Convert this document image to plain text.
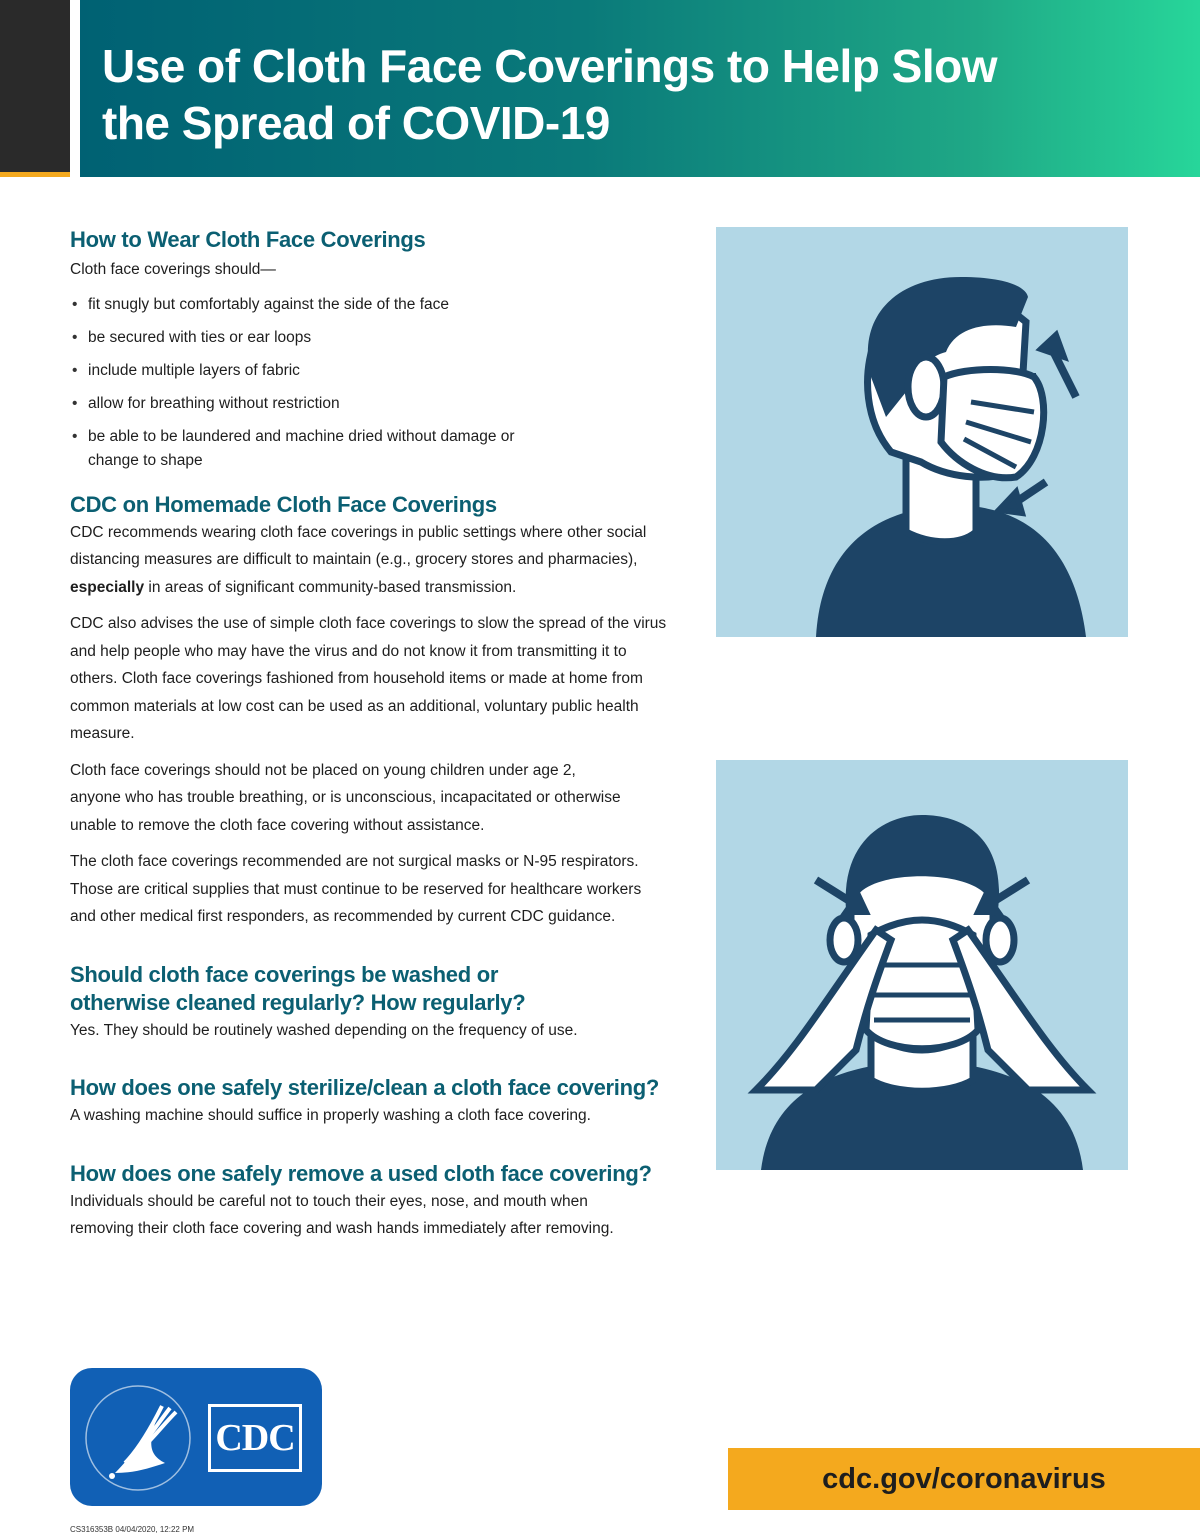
Use of Cloth Face Coverings to Help Slow the Spread of COVID-19
How to Wear Cloth Face Coverings

Cloth face coverings should—

• fit snugly but comfortably against the side of the face
• be secured with ties or ear loops
• include multiple layers of fabric
• allow for breathing without restriction
• be able to be laundered and machine dried without damage or change to shape
CDC on Homemade Cloth Face Coverings

CDC recommends wearing cloth face coverings in public settings where other social distancing measures are difficult to maintain (e.g., grocery stores and pharmacies), especially in areas of significant community-based transmission.

CDC also advises the use of simple cloth face coverings to slow the spread of the virus and help people who may have the virus and do not know it from transmitting it to others. Cloth face coverings fashioned from household items or made at home from common materials at low cost can be used as an additional, voluntary public health measure.

Cloth face coverings should not be placed on young children under age 2, anyone who has trouble breathing, or is unconscious, incapacitated or otherwise unable to remove the cloth face covering without assistance.

The cloth face coverings recommended are not surgical masks or N-95 respirators. Those are critical supplies that must continue to be reserved for healthcare workers and other medical first responders, as recommended by current CDC guidance.

Should cloth face coverings be washed or otherwise cleaned regularly? How regularly?

Yes. They should be routinely washed depending on the frequency of use.

How does one safely sterilize/clean a cloth face covering?

A washing machine should suffice in properly washing a cloth face covering.

How does one safely remove a used cloth face covering?

Individuals should be careful not to touch their eyes, nose, and mouth when removing their cloth face covering and wash hands immediately after removing.

CDC
cdc.gov/coronavirus
CS316353B 04/04/2020, 12:22 PM
